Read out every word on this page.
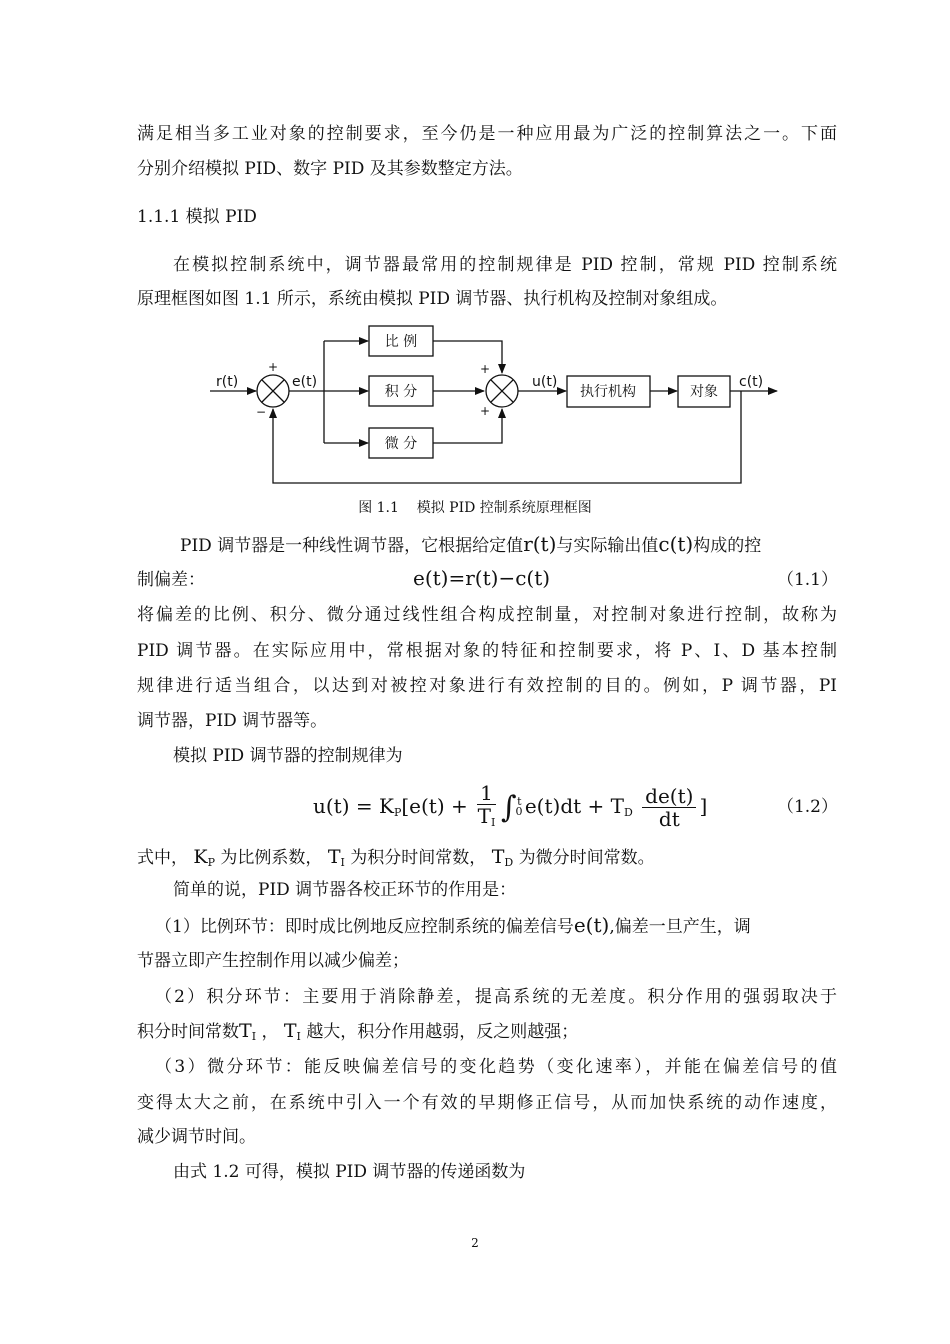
满足相当多工业对象的控制要求，至今仍是一种应用最为广泛的控制算法之一。下面
分别介绍模拟 PID、数字 PID 及其参数整定方法。
1.1.1 模拟 PID
在模拟控制系统中，调节器最常用的控制规律是 PID 控制，常规 PID 控制系统
原理框图如图 1.1 所示，系统由模拟 PID 调节器、执行机构及控制对象组成。
r(t)	e(t)	u(t)	c(t)
比 例
积 分
微 分
执行机构	对象
+
−
+
+
图 1.1 模拟 PID 控制系统原理框图
PID 调节器是一种线性调节器，它根据给定值r(t)与实际输出值c(t)构成的控
制偏差：	e(t)=r(t)−c(t)	（1.1）
将偏差的比例、积分、微分通过线性组合构成控制量，对控制对象进行控制，故称为
PID 调节器。在实际应用中，常根据对象的特征和控制要求，将 P、I、D 基本控制
规律进行适当组合，以达到对被控对象进行有效控制的目的。例如，P 调节器，PI
调节器，PID 调节器等。
模拟 PID 调节器的控制规律为
$u(t) = K_P[e(t) + \frac{1}{T_I}$ ∫ t
0 $e(t)dt + T_D \frac{de(t)}{dt}$ ]	（1.2）
式中， $K_P$ 为比例系数， $T_I$ 为积分时间常数， $T_D$ 为微分时间常数。
简单的说，PID 调节器各校正环节的作用是：
（1）比例环节：即时成比例地反应控制系统的偏差信号e(t),偏差一旦产生，调
节器立即产生控制作用以减少偏差；
（2）积分环节：主要用于消除静差，提高系统的无差度。积分作用的强弱取决于
积分时间常数$T_I$ ， $T_I$ 越大，积分作用越弱，反之则越强；
（3）微分环节：能反映偏差信号的变化趋势（变化速率），并能在偏差信号的值
变得太大之前，在系统中引入一个有效的早期修正信号，从而加快系统的动作速度，
减少调节时间。
由式 1.2 可得，模拟 PID 调节器的传递函数为
2
